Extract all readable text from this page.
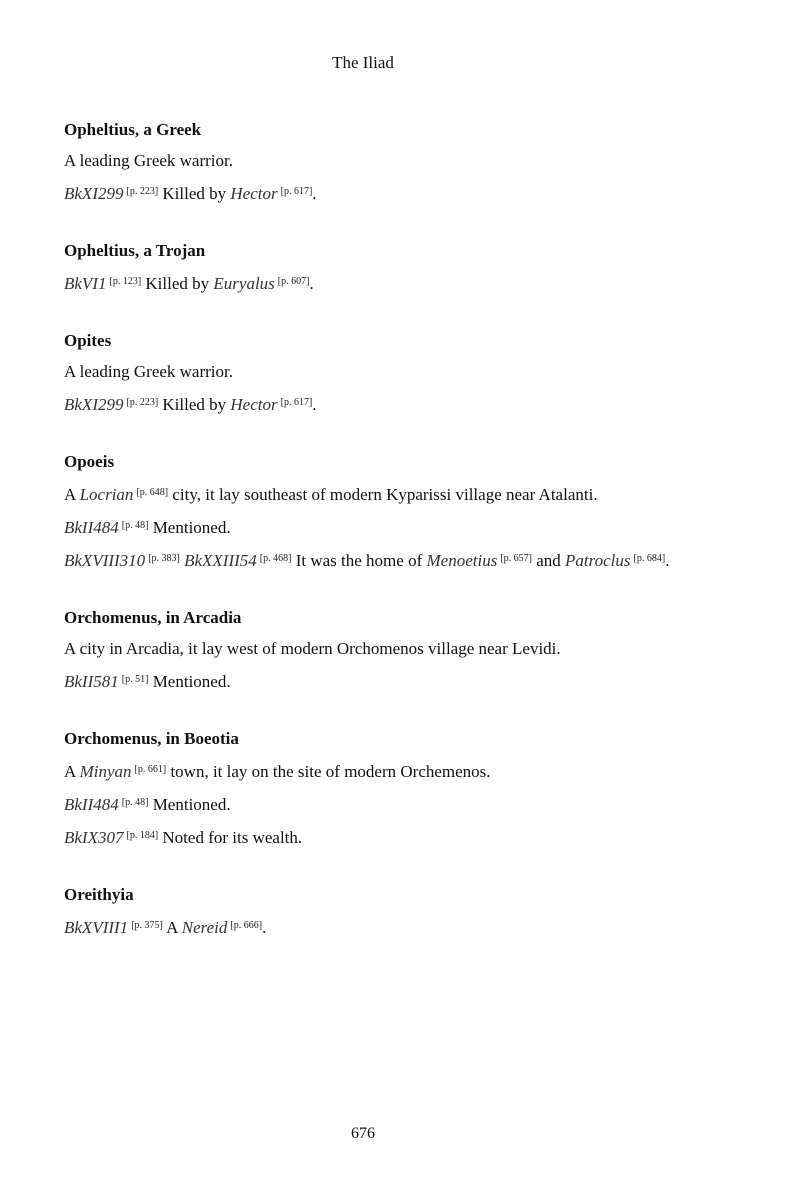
The Iliad
Opheltius, a Greek
A leading Greek warrior.
BkXI299 [p. 223] Killed by Hector [p. 617].
Opheltius, a Trojan
BkVI1 [p. 123] Killed by Euryalus [p. 607].
Opites
A leading Greek warrior.
BkXI299 [p. 223] Killed by Hector [p. 617].
Opoeis
A Locrian [p. 648] city, it lay southeast of modern Kyparissi village near Atalanti.
BkII484 [p. 48] Mentioned.
BkXVIII310 [p. 383] BkXXIII54 [p. 468] It was the home of Menoetius [p. 657] and Patroclus [p. 684].
Orchomenus, in Arcadia
A city in Arcadia, it lay west of modern Orchomenos village near Levidi.
BkII581 [p. 51] Mentioned.
Orchomenus, in Boeotia
A Minyan [p. 661] town, it lay on the site of modern Orchemenos.
BkII484 [p. 48] Mentioned.
BkIX307 [p. 184] Noted for its wealth.
Oreithyia
BkXVIII1 [p. 375] A Nereid [p. 666].
676
